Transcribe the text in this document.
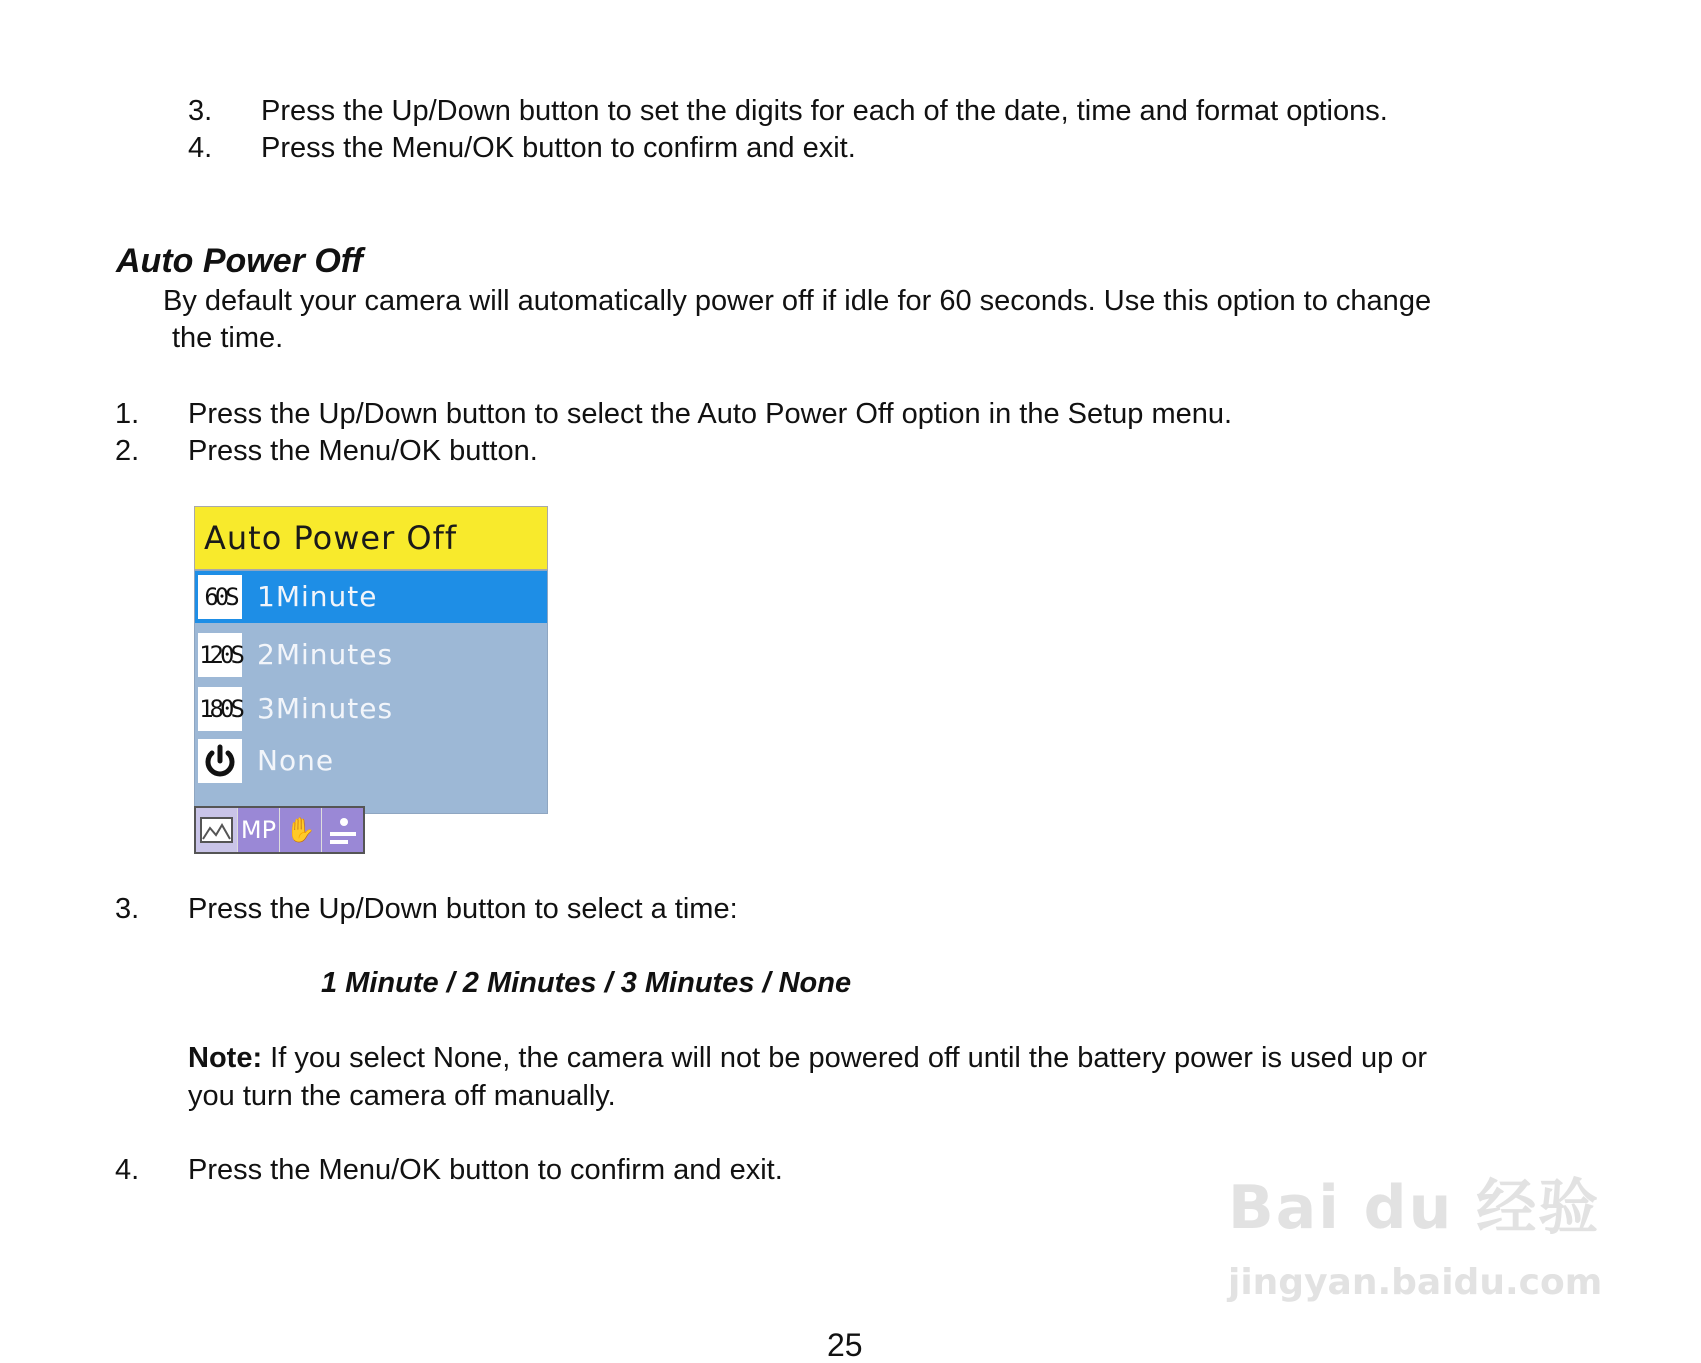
3. Press the Up/Down button to set the digits for each of the date, time and format options.
4. Press the Menu/OK button to confirm and exit.
Auto Power Off
By default your camera will automatically power off if idle for 60 seconds. Use this option to change
the time.
1. Press the Up/Down button to select the Auto Power Off option in the Setup menu.
2. Press the Menu/OK button.
Auto Power Off
60S 1Minute
120S 2Minutes
180S 3Minutes
None
MP ✋
3. Press the Up/Down button to select a time:
1 Minute / 2 Minutes / 3 Minutes / None
Note: If you select None, the camera will not be powered off until the battery power is used up or
you turn the camera off manually.
4. Press the Menu/OK button to confirm and exit.
Bai du 经验
jingyan.baidu.com
25
